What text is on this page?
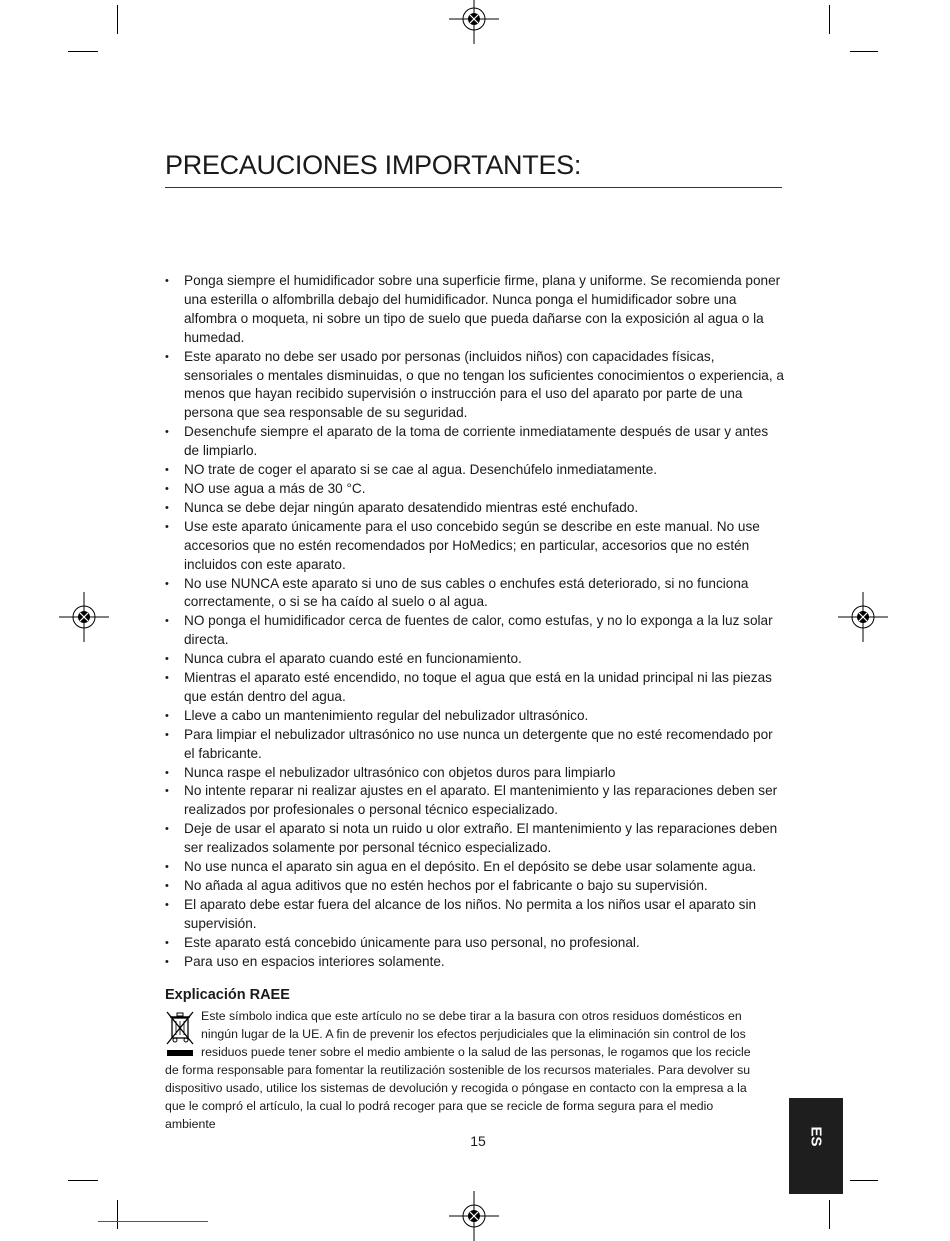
PRECAUCIONES IMPORTANTES:
• Ponga siempre el humidificador sobre una superficie firme, plana y uniforme. Se recomienda poner una esterilla o alfombrilla debajo del humidificador. Nunca ponga el humidificador sobre una alfombra o moqueta, ni sobre un tipo de suelo que pueda dañarse con la exposición al agua o la humedad.
• Este aparato no debe ser usado por personas (incluidos niños) con capacidades físicas, sensoriales o mentales disminuidas, o que no tengan los suficientes conocimientos o experiencia, a menos que hayan recibido supervisión o instrucción para el uso del aparato por parte de una persona que sea responsable de su seguridad.
• Desenchufe siempre el aparato de la toma de corriente inmediatamente después de usar y antes de limpiarlo.
• NO trate de coger el aparato si se cae al agua. Desenchúfelo inmediatamente.
• NO use agua a más de 30 °C.
• Nunca se debe dejar ningún aparato desatendido mientras esté enchufado.
• Use este aparato únicamente para el uso concebido según se describe en este manual. No use accesorios que no estén recomendados por HoMedics; en particular, accesorios que no estén incluidos con este aparato.
• No use NUNCA este aparato si uno de sus cables o enchufes está deteriorado, si no funciona correctamente, o si se ha caído al suelo o al agua.
• NO ponga el humidificador cerca de fuentes de calor, como estufas, y no lo exponga a la luz solar directa.
• Nunca cubra el aparato cuando esté en funcionamiento.
• Mientras el aparato esté encendido, no toque el agua que está en la unidad principal ni las piezas que están dentro del agua.
• Lleve a cabo un mantenimiento regular del nebulizador ultrasónico.
• Para limpiar el nebulizador ultrasónico no use nunca un detergente que no esté recomendado por el fabricante.
• Nunca raspe el nebulizador ultrasónico con objetos duros para limpiarlo
• No intente reparar ni realizar ajustes en el aparato. El mantenimiento y las reparaciones deben ser realizados por profesionales o personal técnico especializado.
• Deje de usar el aparato si nota un ruido u olor extraño. El mantenimiento y las reparaciones deben ser realizados solamente por personal técnico especializado.
• No use nunca el aparato sin agua en el depósito. En el depósito se debe usar solamente agua.
• No añada al agua aditivos que no estén hechos por el fabricante o bajo su supervisión.
• El aparato debe estar fuera del alcance de los niños. No permita a los niños usar el aparato sin supervisión.
• Este aparato está concebido únicamente para uso personal, no profesional.
• Para uso en espacios interiores solamente.
Explicación RAEE
Este símbolo indica que este artículo no se debe tirar a la basura con otros residuos domésticos en ningún lugar de la UE. A fin de prevenir los efectos perjudiciales que la eliminación sin control de los residuos puede tener sobre el medio ambiente o la salud de las personas, le rogamos que los recicle de forma responsable para fomentar la reutilización sostenible de los recursos materiales. Para devolver su dispositivo usado, utilice los sistemas de devolución y recogida o póngase en contacto con la empresa a la que le compró el artículo, la cual lo podrá recoger para que se recicle de forma segura para el medio ambiente
15	ES
